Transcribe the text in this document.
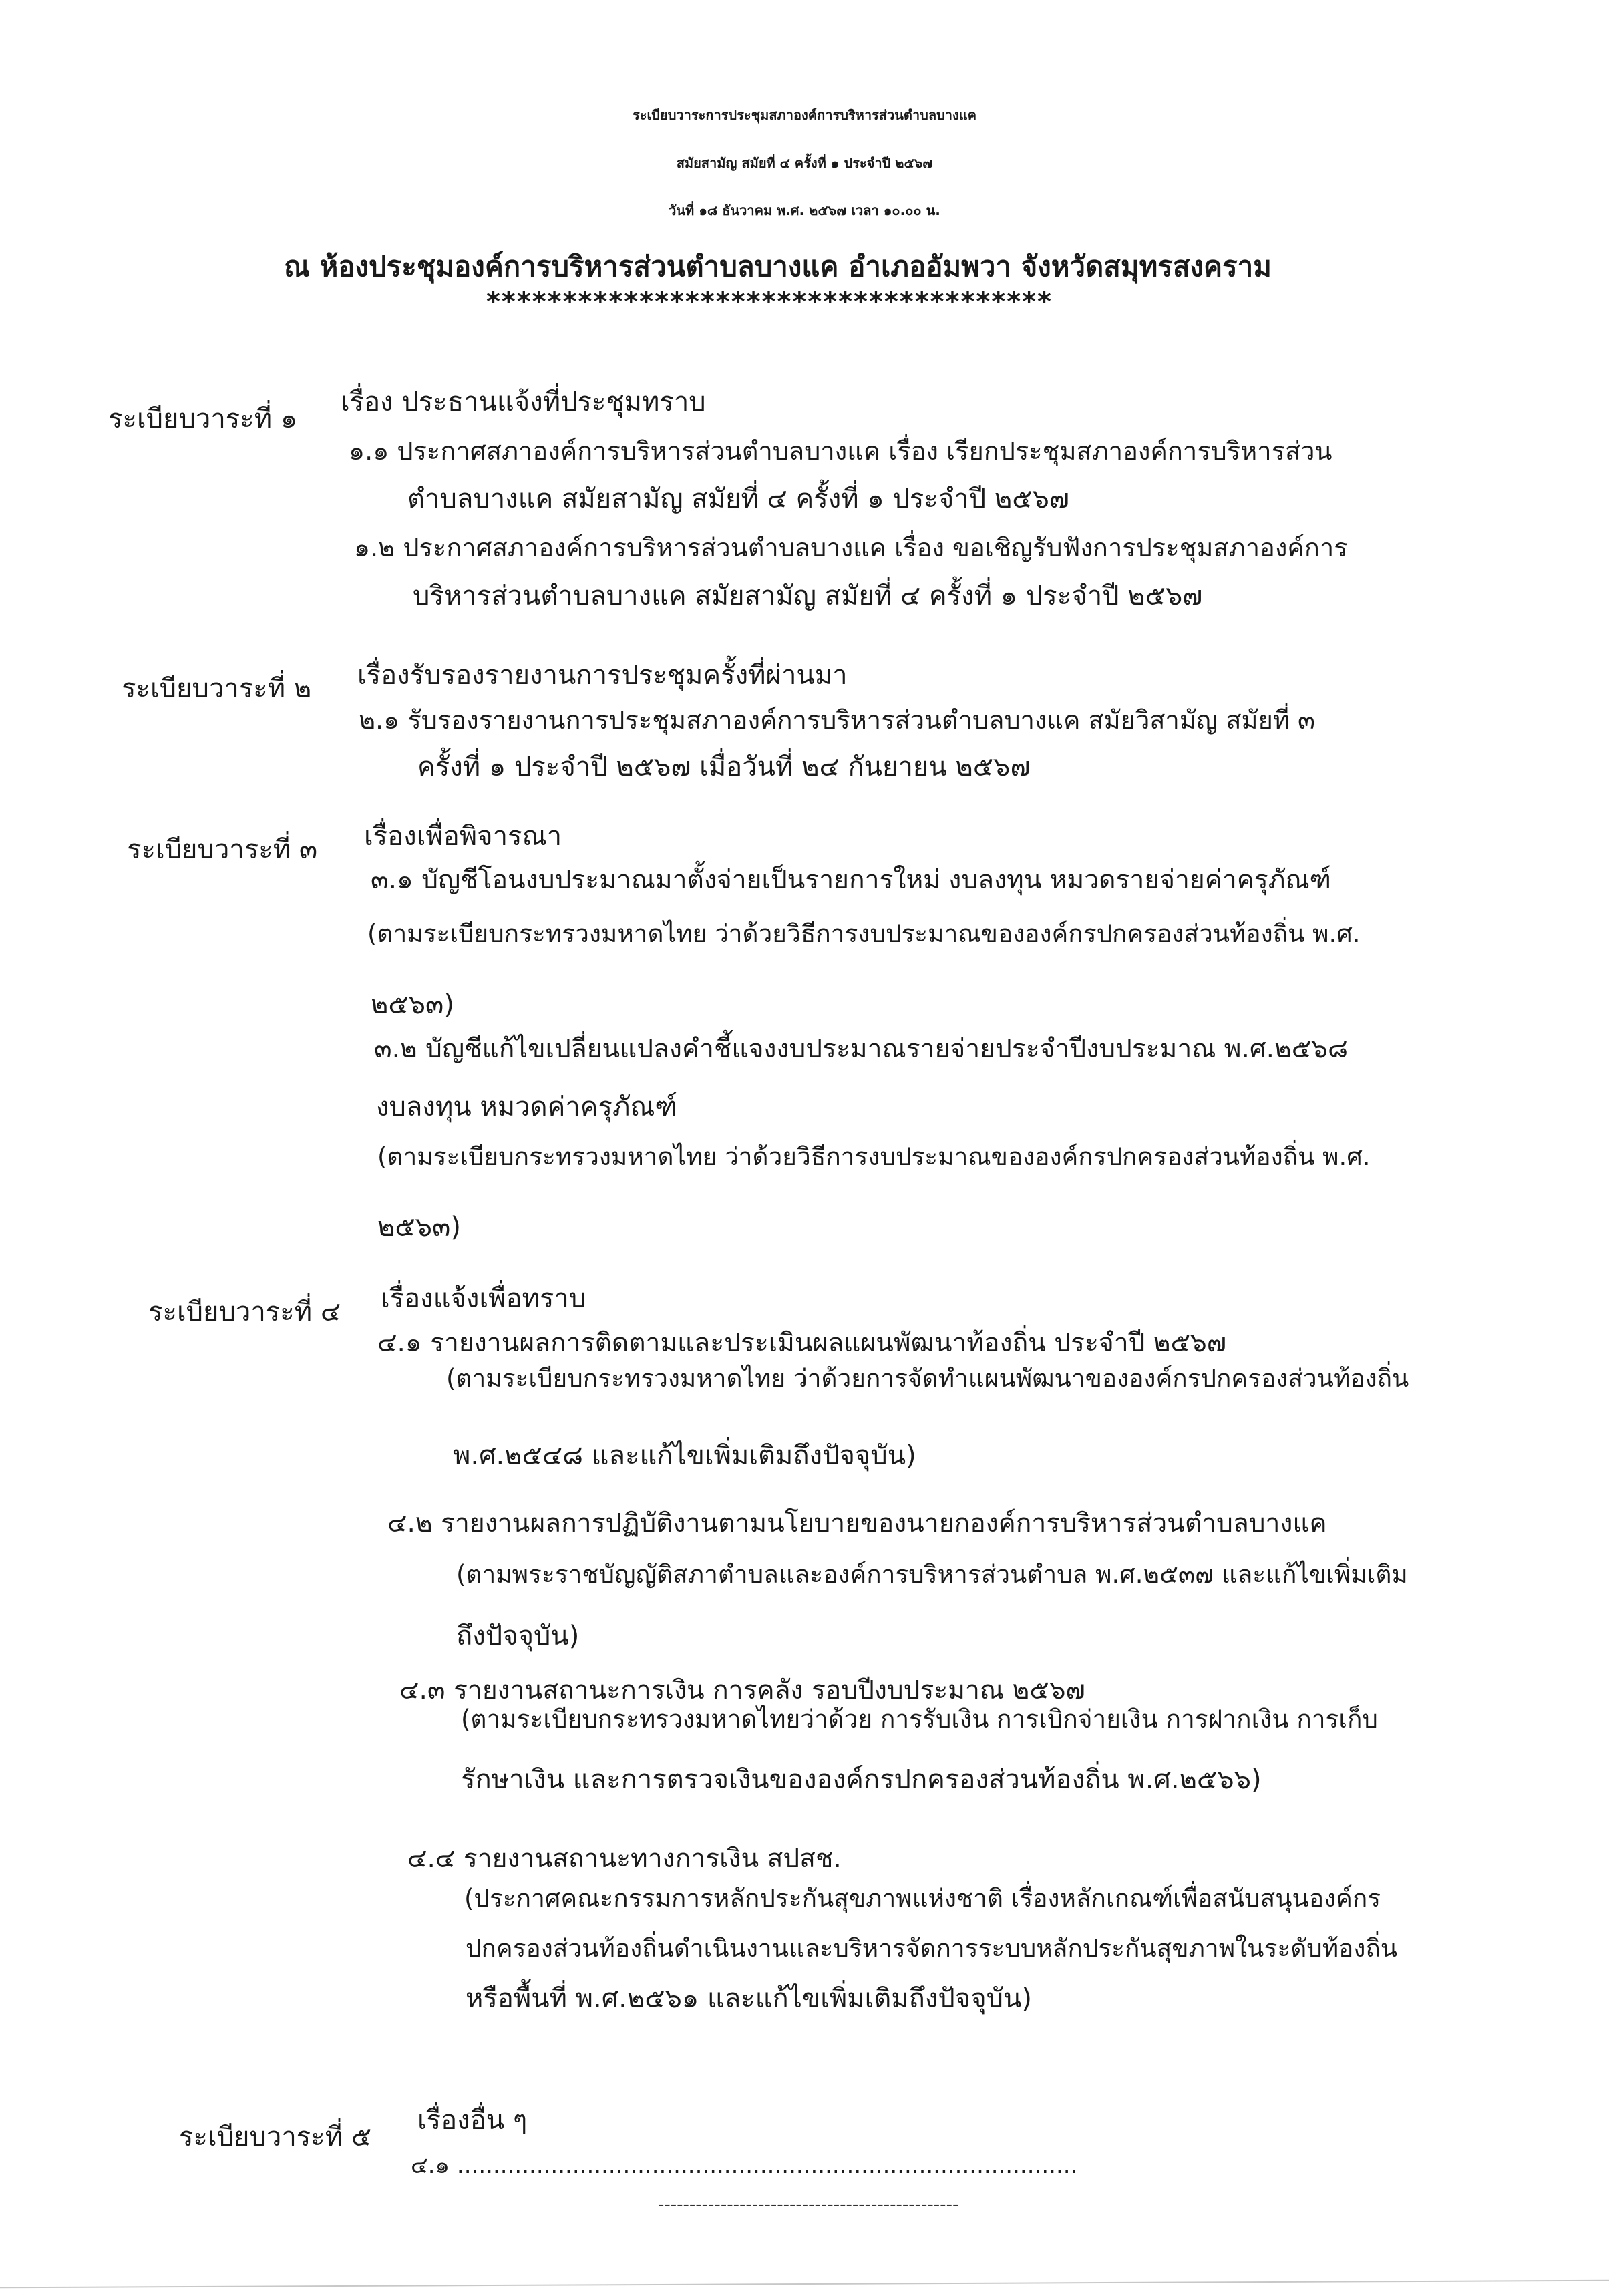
ระเบียบวาระการประชุมสภาองค์การบริหารส่วนตำบลบางแค
สมัยสามัญ สมัยที่ ๔ ครั้งที่ ๑ ประจำปี ๒๕๖๗
วันที่ ๑๘ ธันวาคม พ.ศ. ๒๕๖๗ เวลา ๑๐.๐๐ น.
ณ ห้องประชุมองค์การบริหารส่วนตำบลบางแค อำเภออัมพวา จังหวัดสมุทรสงคราม
*************************************
ระเบียบวาระที่ ๑
เรื่อง ประธานแจ้งที่ประชุมทราบ
๑.๑ ประกาศสภาองค์การบริหารส่วนตำบลบางแค เรื่อง เรียกประชุมสภาองค์การบริหารส่วน
ตำบลบางแค สมัยสามัญ สมัยที่ ๔ ครั้งที่ ๑ ประจำปี ๒๕๖๗
๑.๒ ประกาศสภาองค์การบริหารส่วนตำบลบางแค เรื่อง ขอเชิญรับฟังการประชุมสภาองค์การ
บริหารส่วนตำบลบางแค สมัยสามัญ สมัยที่ ๔ ครั้งที่ ๑ ประจำปี ๒๕๖๗
ระเบียบวาระที่ ๒ เรื่องรับรองรายงานการประชุมครั้งที่ผ่านมา
๒.๑ รับรองรายงานการประชุมสภาองค์การบริหารส่วนตำบลบางแค สมัยวิสามัญ สมัยที่ ๓
ครั้งที่ ๑ ประจำปี ๒๕๖๗ เมื่อวันที่ ๒๔ กันยายน ๒๕๖๗
ระเบียบวาระที่ ๓ เรื่องเพื่อพิจารณา
๓.๑ บัญชีโอนงบประมาณมาตั้งจ่ายเป็นรายการใหม่ งบลงทุน หมวดรายจ่ายค่าครุภัณฑ์
(ตามระเบียบกระทรวงมหาดไทย ว่าด้วยวิธีการงบประมาณขององค์กรปกครองส่วนท้องถิ่น พ.ศ.
๒๕๖๓)
๓.๒ บัญชีแก้ไขเปลี่ยนแปลงคำชี้แจงงบประมาณรายจ่ายประจำปีงบประมาณ พ.ศ.๒๕๖๘
งบลงทุน หมวดค่าครุภัณฑ์
(ตามระเบียบกระทรวงมหาดไทย ว่าด้วยวิธีการงบประมาณขององค์กรปกครองส่วนท้องถิ่น พ.ศ.
๒๕๖๓)
ระเบียบวาระที่ ๔ เรื่องแจ้งเพื่อทราบ
๔.๑ รายงานผลการติดตามและประเมินผลแผนพัฒนาท้องถิ่น ประจำปี ๒๕๖๗
(ตามระเบียบกระทรวงมหาดไทย ว่าด้วยการจัดทำแผนพัฒนาขององค์กรปกครองส่วนท้องถิ่น
พ.ศ.๒๕๔๘ และแก้ไขเพิ่มเติมถึงปัจจุบัน)
๔.๒ รายงานผลการปฏิบัติงานตามนโยบายของนายกองค์การบริหารส่วนตำบลบางแค
(ตามพระราชบัญญัติสภาตำบลและองค์การบริหารส่วนตำบล พ.ศ.๒๕๓๗ และแก้ไขเพิ่มเติม
ถึงปัจจุบัน)
๔.๓ รายงานสถานะการเงิน การคลัง รอบปีงบประมาณ ๒๕๖๗
(ตามระเบียบกระทรวงมหาดไทยว่าด้วย การรับเงิน การเบิกจ่ายเงิน การฝากเงิน การเก็บ
รักษาเงิน และการตรวจเงินขององค์กรปกครองส่วนท้องถิ่น พ.ศ.๒๕๖๖)
๔.๔ รายงานสถานะทางการเงิน สปสช.
(ประกาศคณะกรรมการหลักประกันสุขภาพแห่งชาติ เรื่องหลักเกณฑ์เพื่อสนับสนุนองค์กร
ปกครองส่วนท้องถิ่นดำเนินงานและบริหารจัดการระบบหลักประกันสุขภาพในระดับท้องถิ่น
หรือพื้นที่ พ.ศ.๒๕๖๑ และแก้ไขเพิ่มเติมถึงปัจจุบัน)
ระเบียบวาระที่ ๕
เรื่องอื่น ๆ
๔.๑ ......................................................................................
------------------------------------------------
